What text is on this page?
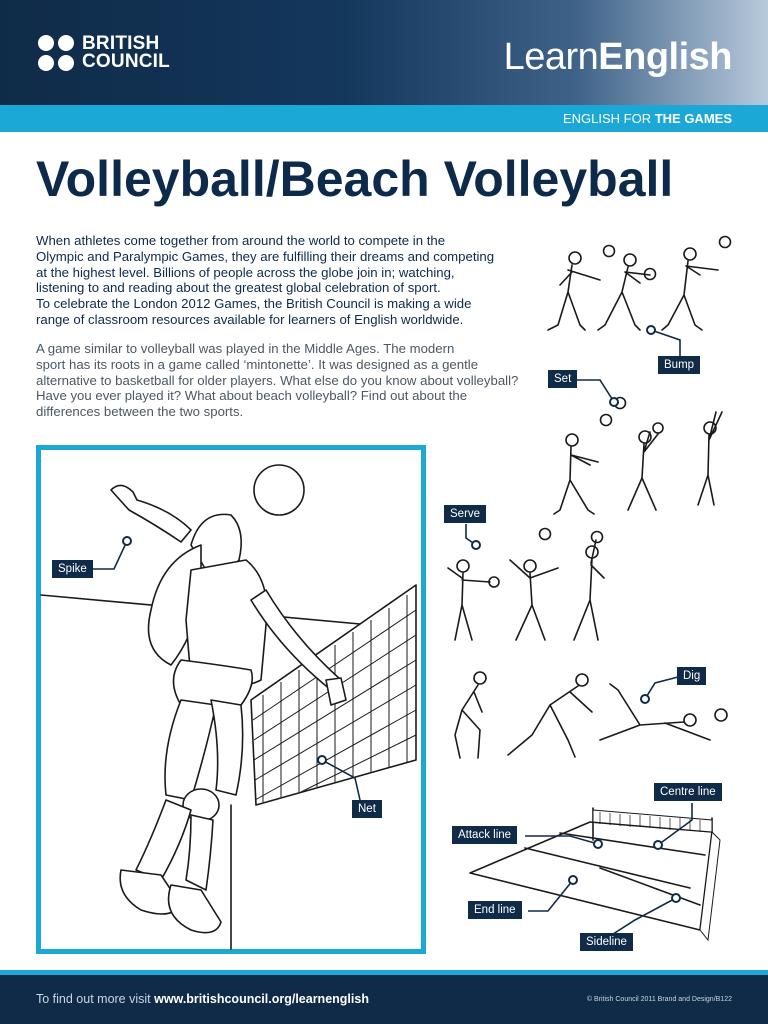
BRITISH
COUNCIL	LearnEnglish
ENGLISH FOR THE GAMES
Volleyball/Beach Volleyball
When athletes come together from around the world to compete in the
Olympic and Paralympic Games, they are fulfilling their dreams and competing
at the highest level. Billions of people across the globe join in; watching,
listening to and reading about the greatest global celebration of sport.
To celebrate the London 2012 Games, the British Council is making a wide
range of classroom resources available for learners of English worldwide.
A game similar to volleyball was played in the Middle Ages. The modern
sport has its roots in a game called ‘mintonette’. It was designed as a gentle
alternative to basketball for older players. What else do you know about volleyball?
Have you ever played it? What about beach volleyball? Find out about the
differences between the two sports.
Spike
Net
Bump
Set
Serve
Dig
Centre line
Attack line
End line
Sideline
To find out more visit www.britishcouncil.org/learnenglish	© British Council 2011 Brand and Design/B122
